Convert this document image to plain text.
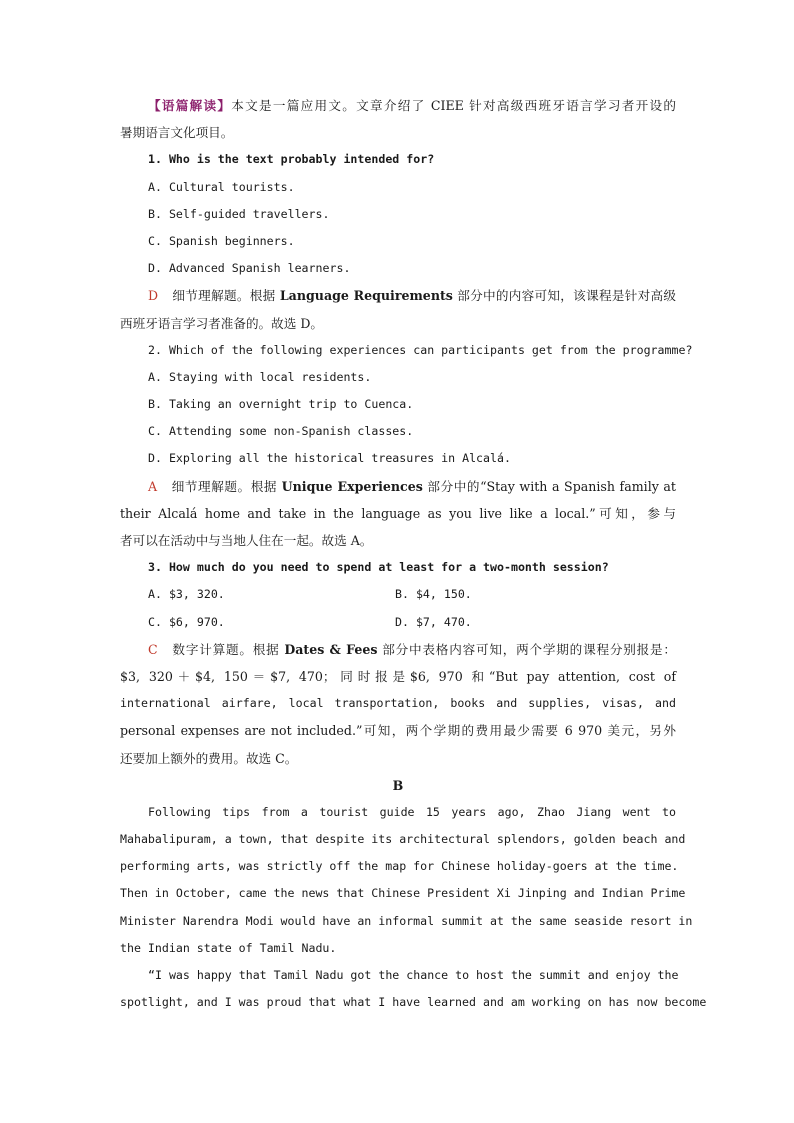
【语篇解读】本文是一篇应用文。文章介绍了 CIEE 针对高级西班牙语言学习者开设的
暑期语言文化项目。
1. Who is the text probably intended for?
A. Cultural tourists.
B. Self-guided travellers.
C. Spanish beginners.
D. Advanced Spanish learners.
D 细节理解题。根据 Language Requirements 部分中的内容可知，该课程是针对高级
西班牙语言学习者准备的。故选 D。
2. Which of the following experiences can participants get from the programme?
A. Staying with local residents.
B. Taking an overnight trip to Cuenca.
C. Attending some non-Spanish classes.
D. Exploring all the historical treasures in Alcalá.
A 细节理解题。根据 Unique Experiences 部分中的“Stay with a Spanish family at
their Alcalá home and take in the language as you live like a local.”可知，参与
者可以在活动中与当地人住在一起。故选 A。
3. How much do you need to spend at least for a two-month session?
A. $3, 320.	B. $4, 150.
C. $6, 970.	D. $7, 470.
C 数字计算题。根据 Dates & Fees 部分中表格内容可知，两个学期的课程分别报是：
$3, 320＋$4, 150＝$7, 470；同时报是$6, 970 和“But pay attention, cost of
international airfare, local transportation, books and supplies, visas, and
personal expenses are not included.”可知，两个学期的费用最少需要 6 970 美元，另外
还要加上额外的费用。故选 C。
B
Following tips from a tourist guide 15 years ago, Zhao Jiang went to
Mahabalipuram, a town, that despite its architectural splendors, golden beach and
performing arts, was strictly off the map for Chinese holiday-goers at the time.
Then in October, came the news that Chinese President Xi Jinping and Indian Prime
Minister Narendra Modi would have an informal summit at the same seaside resort in
the Indian state of Tamil Nadu.
“I was happy that Tamil Nadu got the chance to host the summit and enjoy the
spotlight, and I was proud that what I have learned and am working on has now become
